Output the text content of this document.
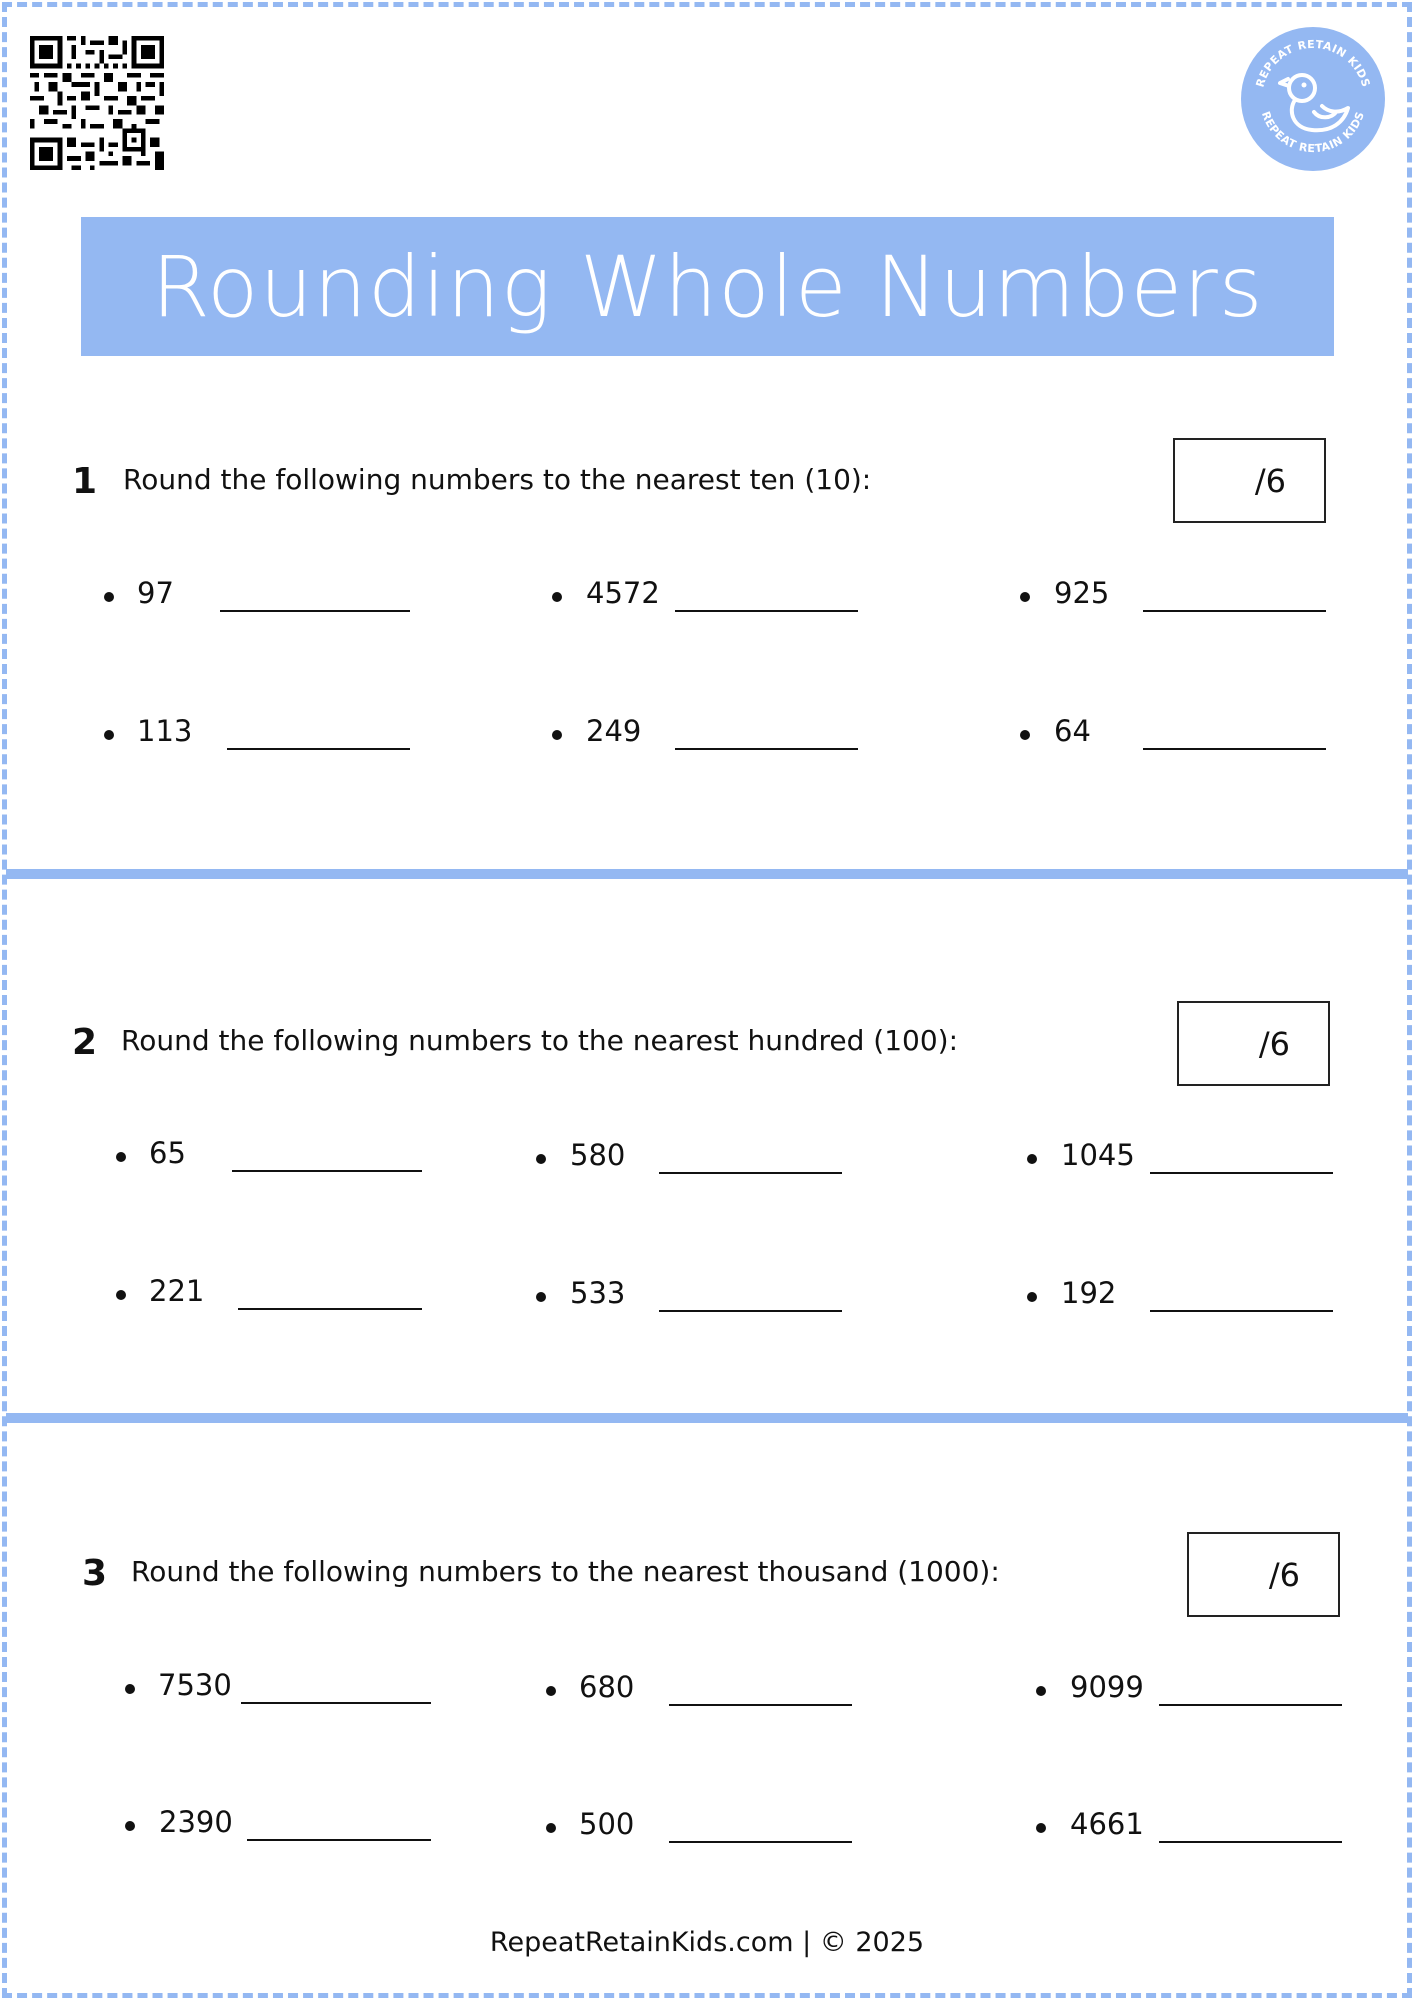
REPEAT RETAIN KIDS
REPEAT RETAIN KIDS
Rounding Whole Numbers
1 Round the following numbers to the nearest ten (10):	/6
97	4572	925
113	249	64
2 Round the following numbers to the nearest hundred (100):	/6
65	580	1045
221	533	192
3 Round the following numbers to the nearest thousand (1000):	/6
7530	680	9099
2390	500	4661
RepeatRetainKids.com | © 2025
